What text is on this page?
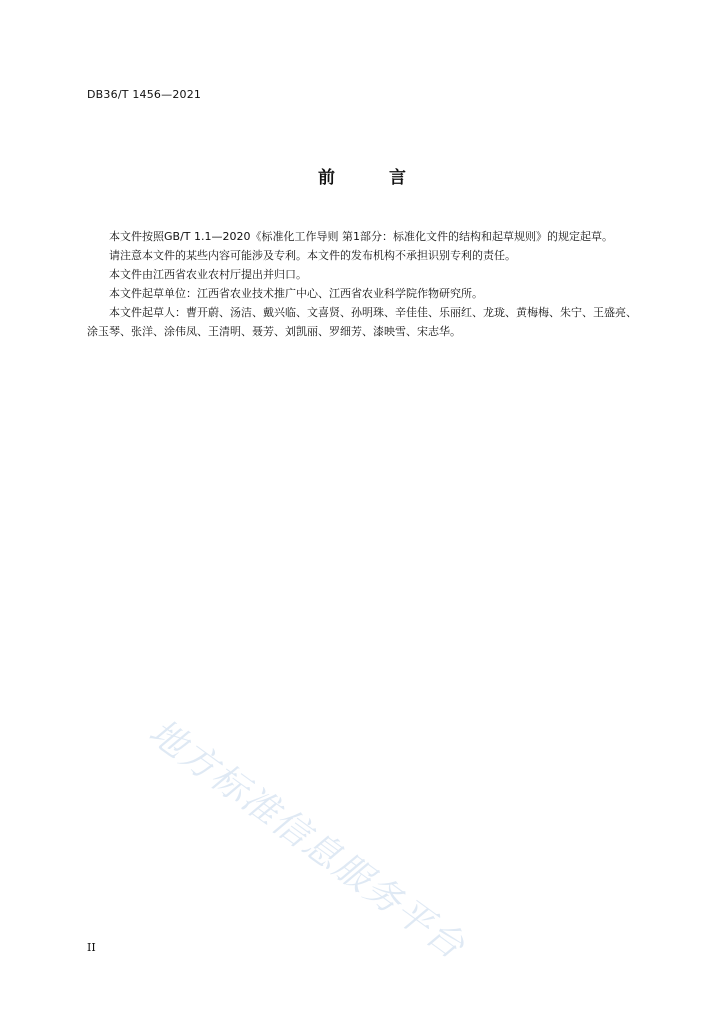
DB36/T 1456—2021
前 言

本文件按照GB/T 1.1—2020《标准化工作导则 第1部分：标准化文件的结构和起草规则》的规定起草。

请注意本文件的某些内容可能涉及专利。本文件的发布机构不承担识别专利的责任。

本文件由江西省农业农村厅提出并归口。

本文件起草单位：江西省农业技术推广中心、江西省农业科学院作物研究所。

本文件起草人：曹开蔚、汤洁、戴兴临、文喜贤、孙明珠、辛佳佳、乐丽红、龙珑、黄梅梅、朱宁、王盛亮、涂玉琴、张洋、涂伟凤、王清明、聂芳、刘凯丽、罗细芳、漆映雪、宋志华。

地方标准信息服务平台
II
